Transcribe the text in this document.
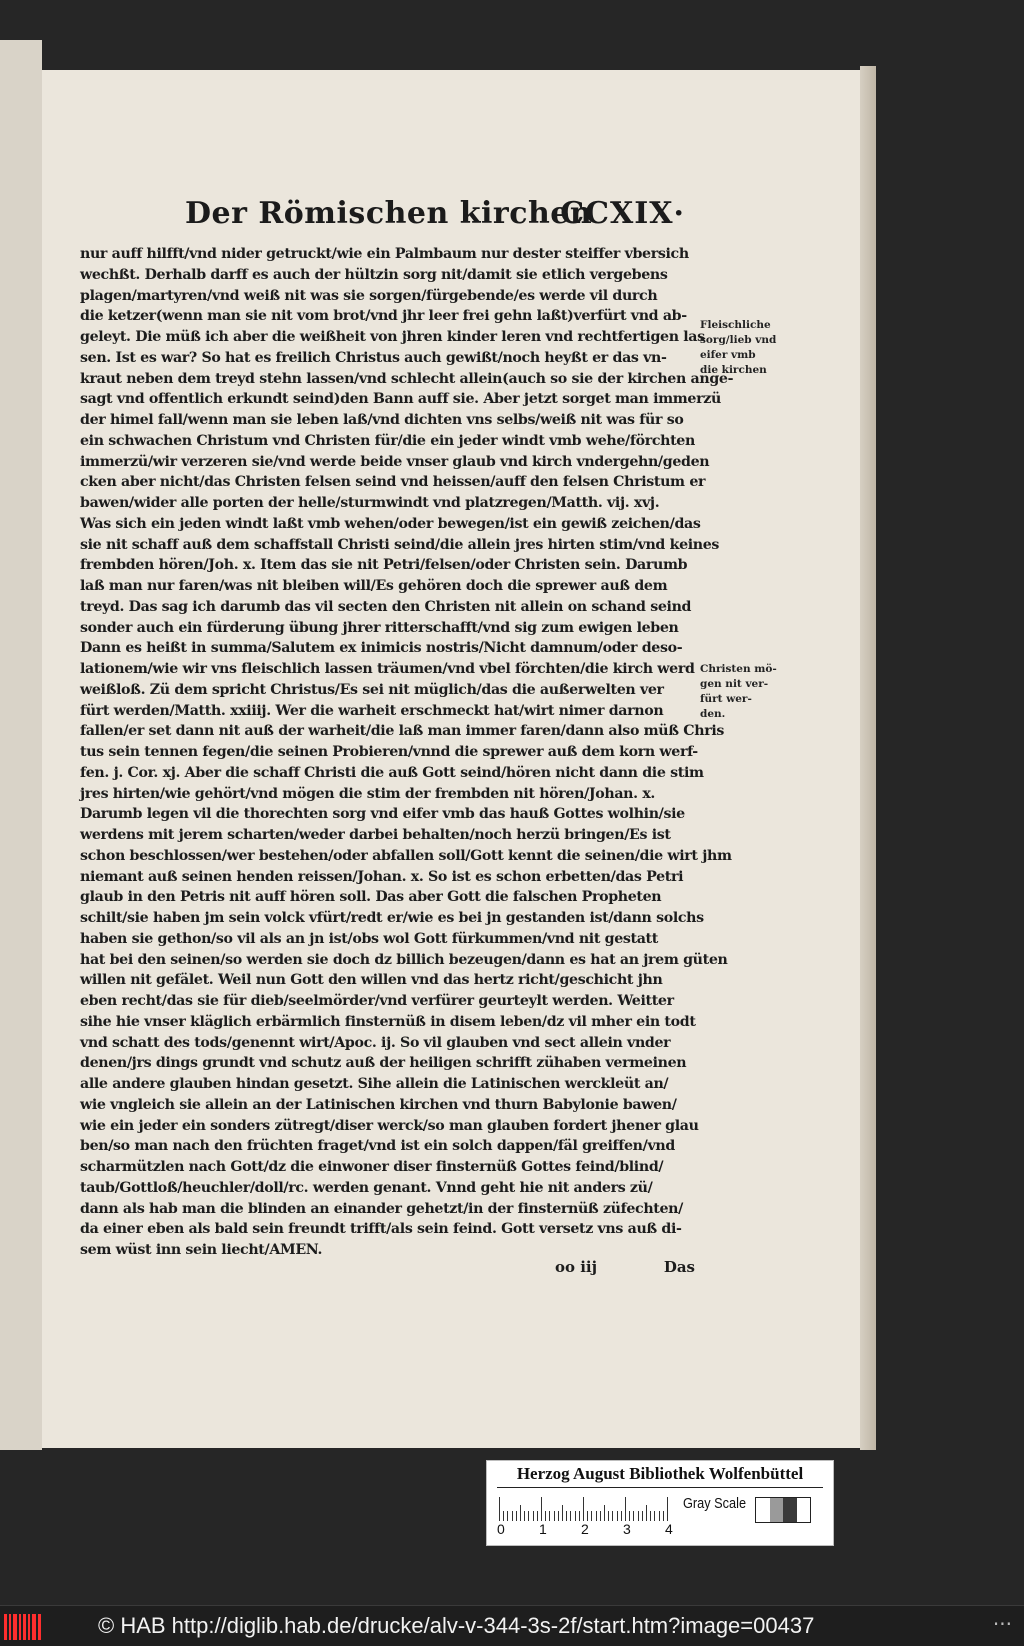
Der Römischen kirchen
CCXIX·
nur auff hilfft/vnd nider getruckt/wie ein Palmbaum nur dester steiffer vbersich
wechßt. Derhalb darff es auch der hültzin sorg nit/damit sie etlich vergebens
plagen/martyren/vnd weiß nit was sie sorgen/fürgebende/es werde vil durch
die ketzer(wenn man sie nit vom brot/vnd jhr leer frei gehn laßt)verfürt vnd ab-
geleyt. Die müß ich aber die weißheit von jhren kinder leren vnd rechtfertigen las
sen. Ist es war? So hat es freilich Christus auch gewißt/noch heyßt er das vn-
kraut neben dem treyd stehn lassen/vnd schlecht allein(auch so sie der kirchen ange-
sagt vnd offentlich erkundt seind)den Bann auff sie. Aber jetzt sorget man immerzü
der himel fall/wenn man sie leben laß/vnd dichten vns selbs/weiß nit was für so
ein schwachen Christum vnd Christen für/die ein jeder windt vmb wehe/förchten
immerzü/wir verzeren sie/vnd werde beide vnser glaub vnd kirch vndergehn/geden
cken aber nicht/das Christen felsen seind vnd heissen/auff den felsen Christum er
bawen/wider alle porten der helle/sturmwindt vnd platzregen/Matth. vij. xvj.
Was sich ein jeden windt laßt vmb wehen/oder bewegen/ist ein gewiß zeichen/das
sie nit schaff auß dem schaffstall Christi seind/die allein jres hirten stim/vnd keines
frembden hören/Joh. x. Item das sie nit Petri/felsen/oder Christen sein. Darumb
laß man nur faren/was nit bleiben will/Es gehören doch die sprewer auß dem
treyd. Das sag ich darumb das vil secten den Christen nit allein on schand seind
sonder auch ein fürderung übung jhrer ritterschafft/vnd sig zum ewigen leben
Dann es heißt in summa/Salutem ex inimicis nostris/Nicht damnum/oder deso-
lationem/wie wir vns fleischlich lassen träumen/vnd vbel förchten/die kirch werd
weißloß. Zü dem spricht Christus/Es sei nit müglich/das die außerwelten ver
fürt werden/Matth. xxiiij. Wer die warheit erschmeckt hat/wirt nimer darnon
fallen/er set dann nit auß der warheit/die laß man immer faren/dann also müß Chris
tus sein tennen fegen/die seinen Probieren/vnnd die sprewer auß dem korn werf-
fen. j. Cor. xj. Aber die schaff Christi die auß Gott seind/hören nicht dann die stim
jres hirten/wie gehört/vnd mögen die stim der frembden nit hören/Johan. x.
Darumb legen vil die thorechten sorg vnd eifer vmb das hauß Gottes wolhin/sie
werdens mit jerem scharten/weder darbei behalten/noch herzü bringen/Es ist
schon beschlossen/wer bestehen/oder abfallen soll/Gott kennt die seinen/die wirt jhm
niemant auß seinen henden reissen/Johan. x. So ist es schon erbetten/das Petri
glaub in den Petris nit auff hören soll. Das aber Gott die falschen Propheten
schilt/sie haben jm sein volck vfürt/redt er/wie es bei jn gestanden ist/dann solchs
haben sie gethon/so vil als an jn ist/obs wol Gott fürkummen/vnd nit gestatt
hat bei den seinen/so werden sie doch dz billich bezeugen/dann es hat an jrem güten
willen nit gefälet. Weil nun Gott den willen vnd das hertz richt/geschicht jhn
eben recht/das sie für dieb/seelmörder/vnd verfürer geurteylt werden. Weitter
sihe hie vnser kläglich erbärmlich finsternüß in disem leben/dz vil mher ein todt
vnd schatt des tods/genennt wirt/Apoc. ij. So vil glauben vnd sect allein vnder
denen/jrs dings grundt vnd schutz auß der heiligen schrifft zühaben vermeinen
alle andere glauben hindan gesetzt. Sihe allein die Latinischen werckleüt an/
wie vngleich sie allein an der Latinischen kirchen vnd thurn Babylonie bawen/
wie ein jeder ein sonders zütregt/diser werck/so man glauben fordert jhener glau
ben/so man nach den früchten fraget/vnd ist ein solch dappen/fäl greiffen/vnd
scharmützlen nach Gott/dz die einwoner diser finsternüß Gottes feind/blind/
taub/Gottloß/heuchler/doll/rc. werden genant. Vnnd geht hie nit anders zü/
dann als hab man die blinden an einander gehetzt/in der finsternüß züfechten/
da einer eben als bald sein freundt trifft/als sein feind. Gott versetz vns auß di-
sem wüst inn sein liecht/AMEN.
Fleischliche
sorg/lieb vnd
eifer vmb
die kirchen
Christen mö-
gen nit ver-
fürt wer-
den.
oo iij	Das
Herzog August Bibliothek Wolfenbüttel
0 1 2 3 4
Gray Scale
© HAB http://diglib.hab.de/drucke/alv-v-344-3s-2f/start.htm?image=00437	···
